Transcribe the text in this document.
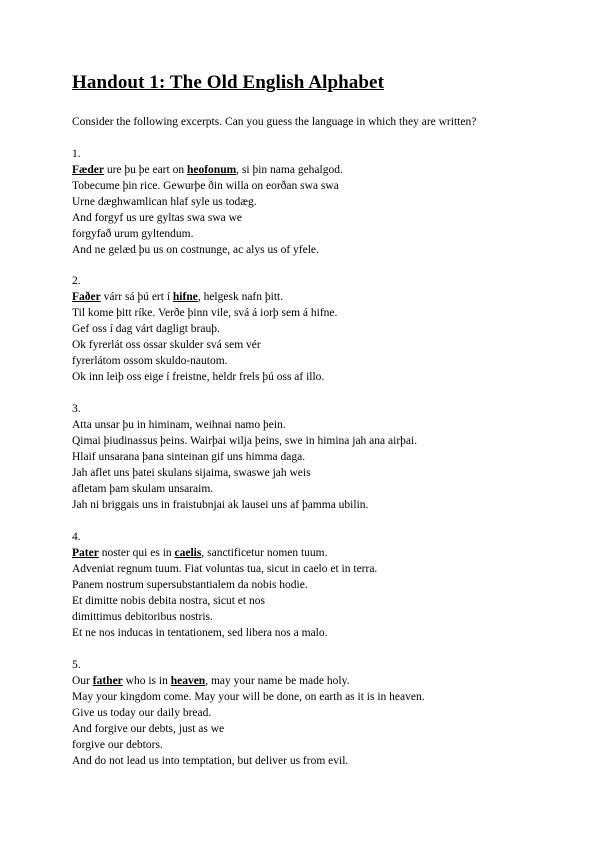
Handout 1: The Old English Alphabet
Consider the following excerpts. Can you guess the language in which they are written?
1.
Fæder ure þu þe eart on heofonum, si þin nama gehalgod.
Tobecume þin rice. Gewurþe ðin willa on eorðan swa swa
Urne dæghwamlican hlaf syle us todæg.
And forgyf us ure gyltas swa swa we
forgyfað urum gyltendum.
And ne gelæd þu us on costnunge, ac alys us of yfele.
2.
Faðer várr sá þú ert í hifne, helgesk nafn þitt.
Til kome þitt ríke. Verðe þinn vile, svá á iorþ sem á hifne.
Gef oss í dag várt dagligt brauþ.
Ok fyrerlát oss ossar skulder svá sem vér
fyrerlátom ossom skuldo-nautom.
Ok inn leiþ oss eige í freistne, heldr frels þú oss af illo.
3.
Atta unsar þu in himinam, weihnai namo þein.
Qimai þiudinassus þeins. Wairþai wilja þeins, swe in himina jah ana airþai.
Hlaif unsarana þana sinteinan gif uns himma daga.
Jah aflet uns þatei skulans sijaima, swaswe jah weis
afletam þam skulam unsaraim.
Jah ni briggais uns in fraistubnjai ak lausei uns af þamma ubilin.
4.
Pater noster qui es in caelis, sanctificetur nomen tuum.
Adveniat regnum tuum. Fiat voluntas tua, sicut in caelo et in terra.
Panem nostrum supersubstantialem da nobis hodie.
Et dimitte nobis debita nostra, sicut et nos
dimittimus debitoribus nostris.
Et ne nos inducas in tentationem, sed libera nos a malo.
5.
Our father who is in heaven, may your name be made holy.
May your kingdom come. May your will be done, on earth as it is in heaven.
Give us today our daily bread.
And forgive our debts, just as we
forgive our debtors.
And do not lead us into temptation, but deliver us from evil.
